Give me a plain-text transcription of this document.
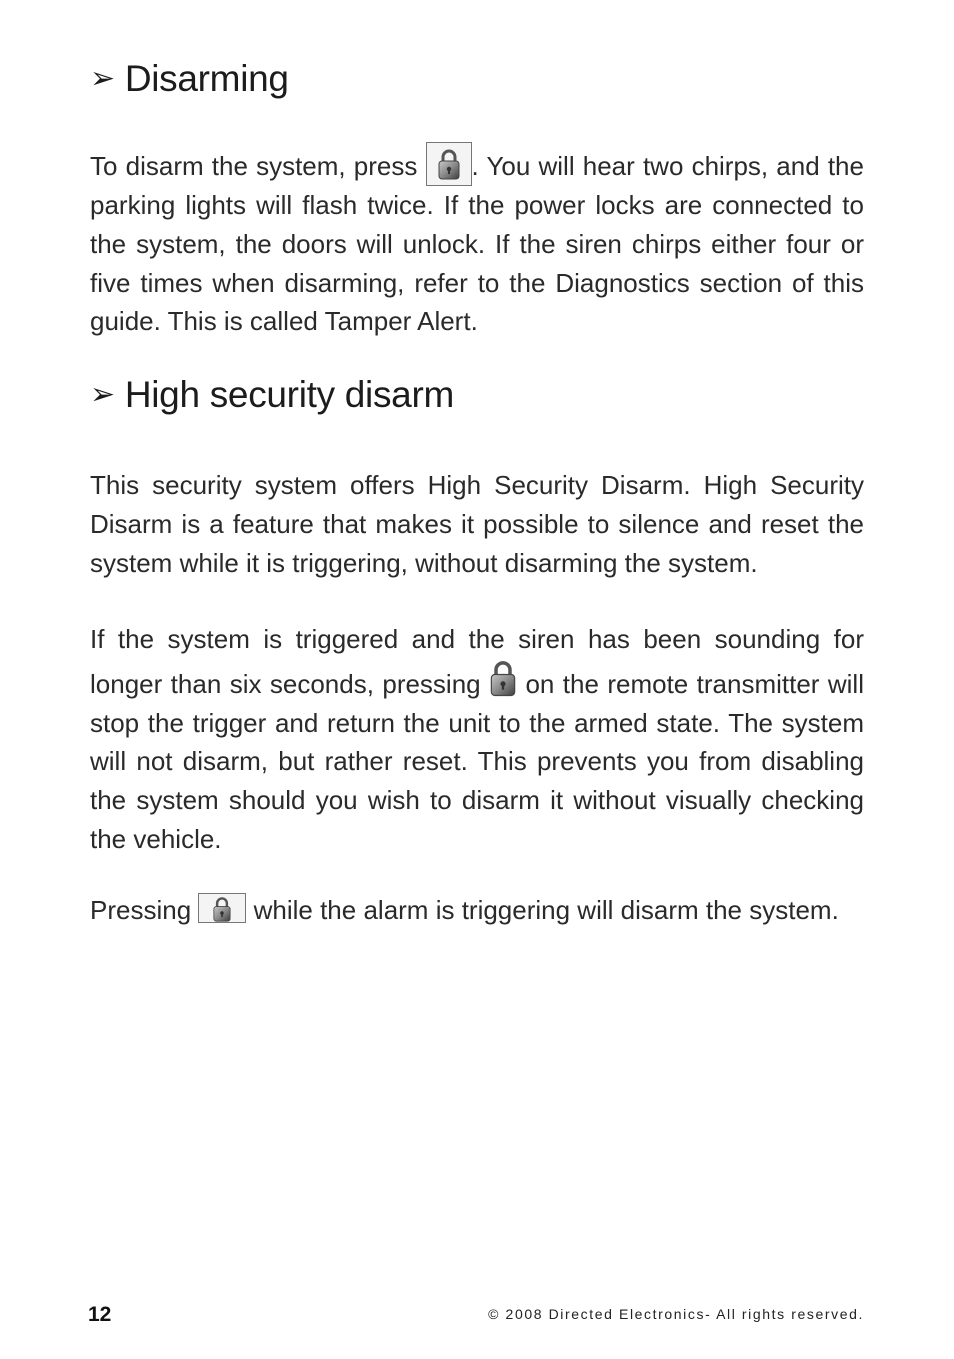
➢ Disarming

To disarm the system, press . You will hear two chirps, and the parking lights will flash twice. If the power locks are connected to the system, the doors will unlock. If the siren chirps either four or five times when disarming, refer to the Diagnostics section of this guide. This is called Tamper Alert.

➢ High security disarm

This security system offers High Security Disarm. High Security Disarm is a feature that makes it possible to silence and reset the system while it is triggering, without disarming the system.

If the system is triggered and the siren has been sounding for longer than six seconds, pressing  on the remote transmitter will stop the trigger and return the unit to the armed state. The system will not disarm, but rather reset. This prevents you from disabling the system should you wish to disarm it without visually checking the vehicle.

Pressing  while the alarm is triggering will disarm the system.

12	© 2008 Directed Electronics- All rights reserved.
